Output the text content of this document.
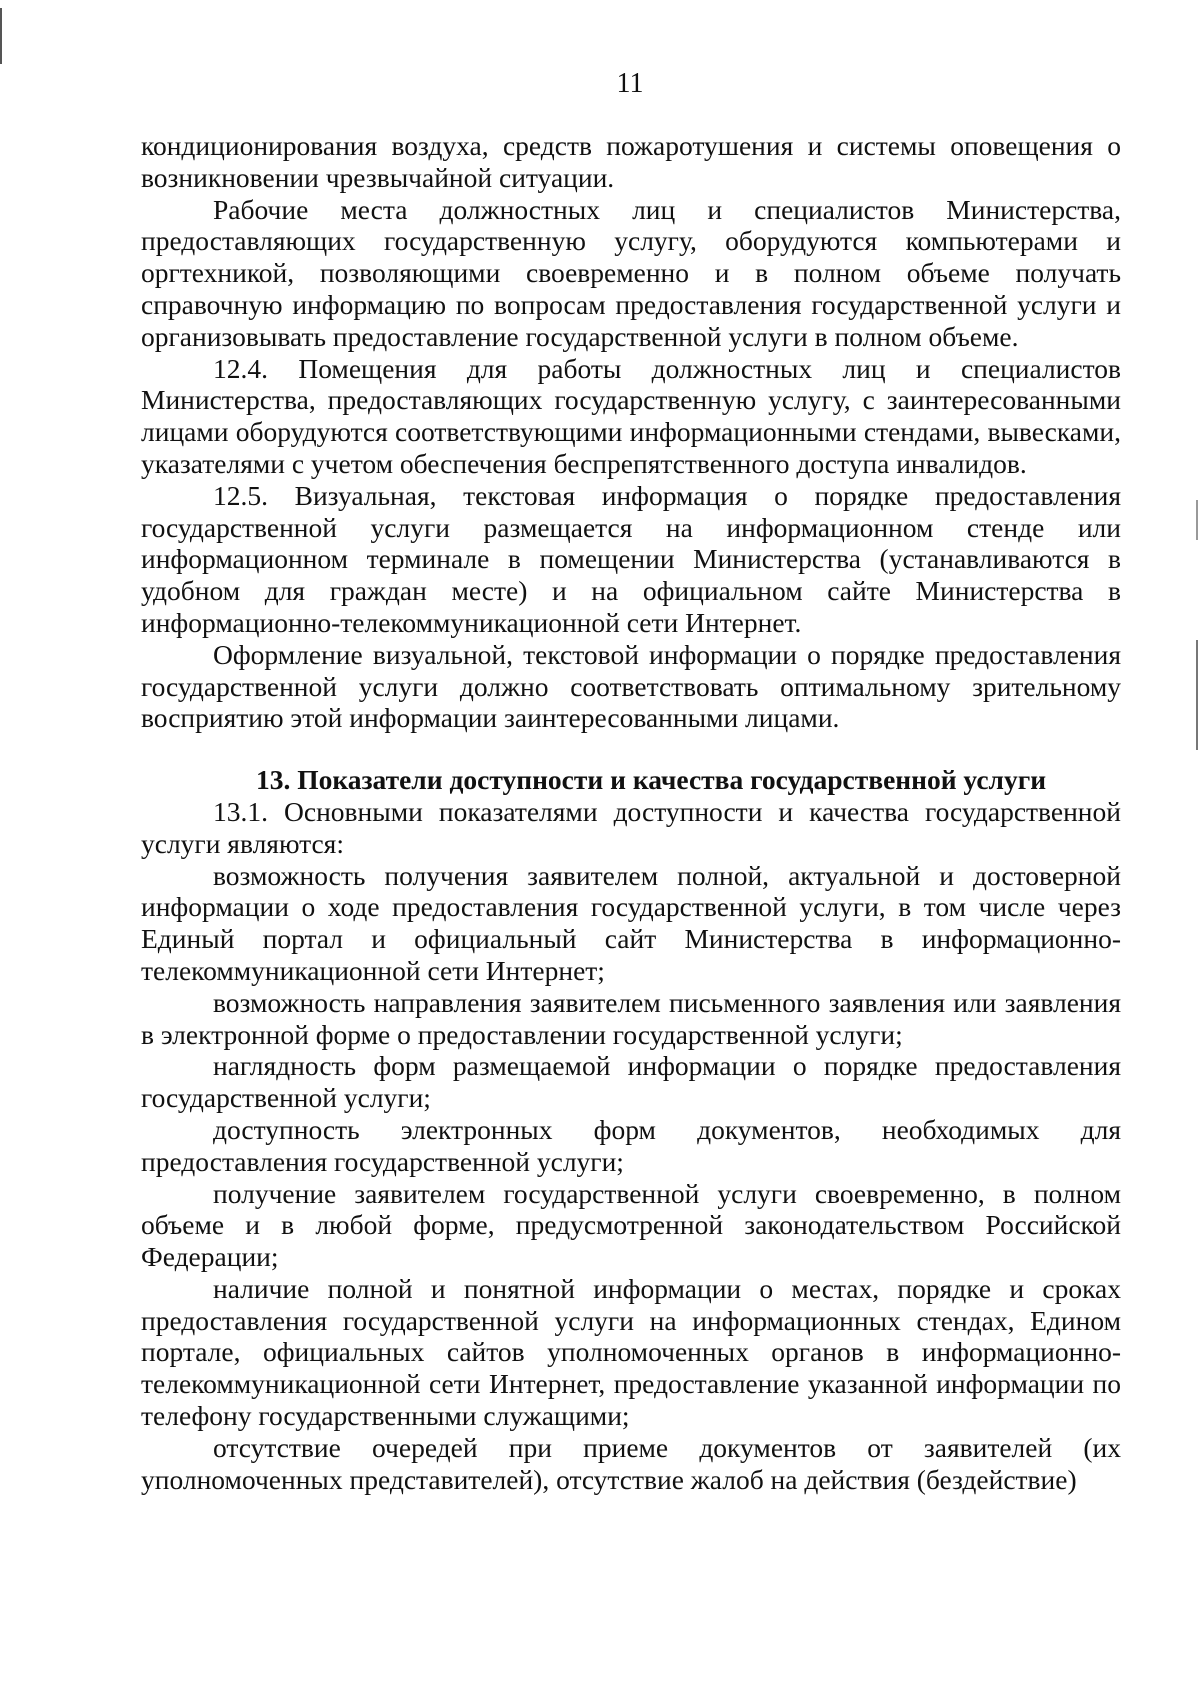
11

кондиционирования воздуха, средств пожаротушения и системы оповещения о возникновении чрезвычайной ситуации.

Рабочие места должностных лиц и специалистов Министерства, предоставляющих государственную услугу, оборудуются компьютерами и оргтехникой, позволяющими своевременно и в полном объеме получать справочную информацию по вопросам предоставления государственной услуги и организовывать предоставление государственной услуги в полном объеме.

12.4. Помещения для работы должностных лиц и специалистов Министерства, предоставляющих государственную услугу, с заинтересованными лицами оборудуются соответствующими информационными стендами, вывесками, указателями с учетом обеспечения беспрепятственного доступа инвалидов.

12.5. Визуальная, текстовая информация о порядке предоставления государственной услуги размещается на информационном стенде или информационном терминале в помещении Министерства (устанавливаются в удобном для граждан месте) и на официальном сайте Министерства в информационно-телекоммуникационной сети Интернет.

Оформление визуальной, текстовой информации о порядке предоставления государственной услуги должно соответствовать оптимальному зрительному восприятию этой информации заинтересованными лицами.

13. Показатели доступности и качества государственной услуги

13.1. Основными показателями доступности и качества государственной услуги являются:

возможность получения заявителем полной, актуальной и достоверной информации о ходе предоставления государственной услуги, в том числе через Единый портал и официальный сайт Министерства в информационно-телекоммуникационной сети Интернет;

возможность направления заявителем письменного заявления или заявления в электронной форме о предоставлении государственной услуги;

наглядность форм размещаемой информации о порядке предоставления государственной услуги;

доступность электронных форм документов, необходимых для предоставления государственной услуги;

получение заявителем государственной услуги своевременно, в полном объеме и в любой форме, предусмотренной законодательством Российской Федерации;

наличие полной и понятной информации о местах, порядке и сроках предоставления государственной услуги на информационных стендах, Едином портале, официальных сайтов уполномоченных органов в информационно-телекоммуникационной сети Интернет, предоставление указанной информации по телефону государственными служащими;

отсутствие очередей при приеме документов от заявителей (их уполномоченных представителей), отсутствие жалоб на действия (бездействие)
